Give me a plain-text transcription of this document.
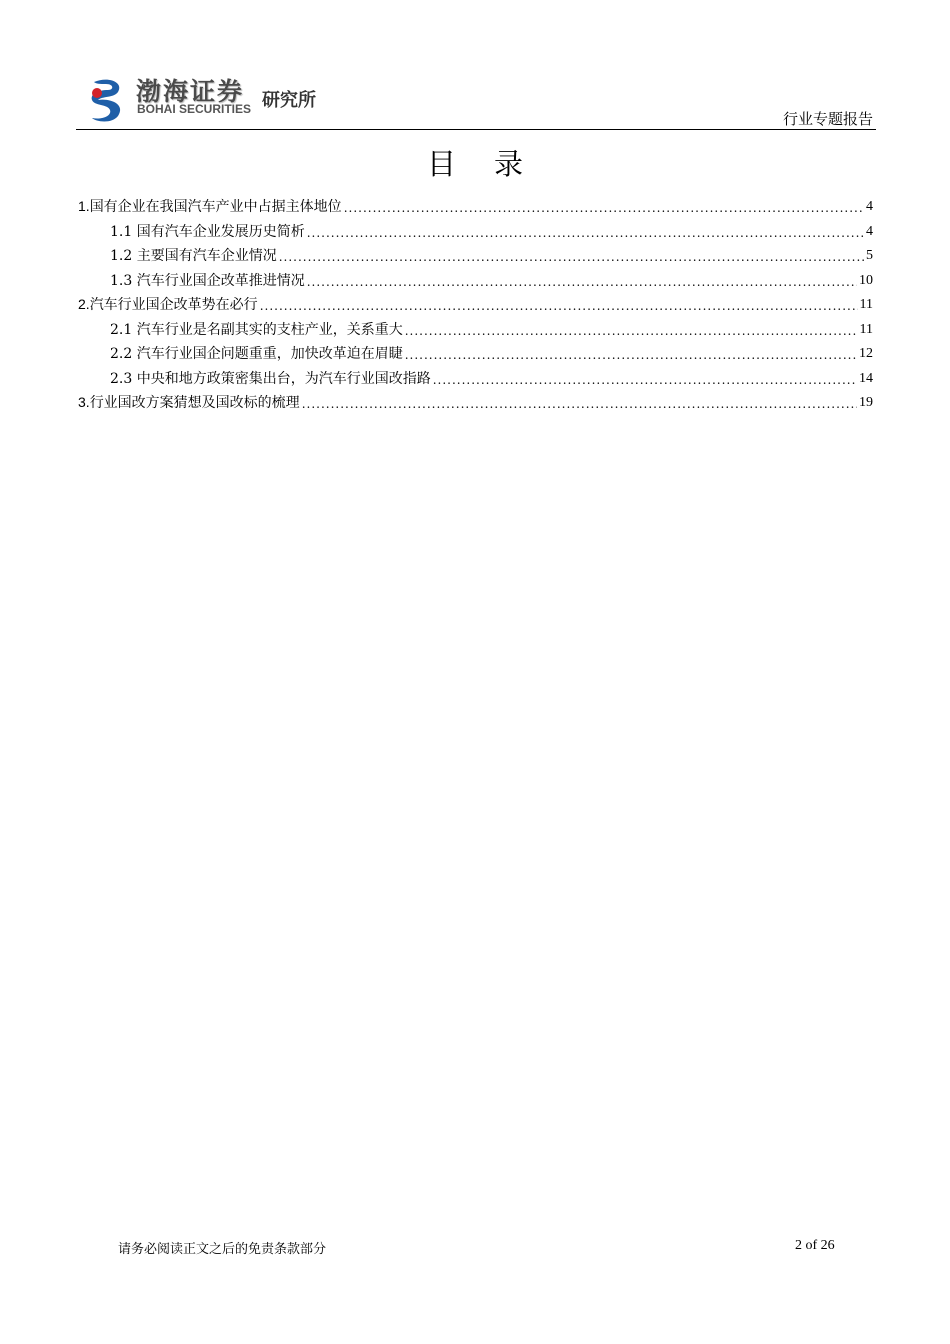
渤海证券
BOHAI SECURITIES 研究所
行业专题报告
目录
1.国有企业在我国汽车产业中占据主体地位 .....	4
1.1 国有汽车企业发展历史简析 .....	4
1.2 主要国有汽车企业情况 .....	5
1.3 汽车行业国企改革推进情况 .....	10
2.汽车行业国企改革势在必行 .....	11
2.1 汽车行业是名副其实的支柱产业，关系重大 .....	11
2.2 汽车行业国企问题重重，加快改革迫在眉睫 .....	12
2.3 中央和地方政策密集出台，为汽车行业国改指路 .....	14
3.行业国改方案猜想及国改标的梳理 .....	19
请务必阅读正文之后的免责条款部分	2 of 26
